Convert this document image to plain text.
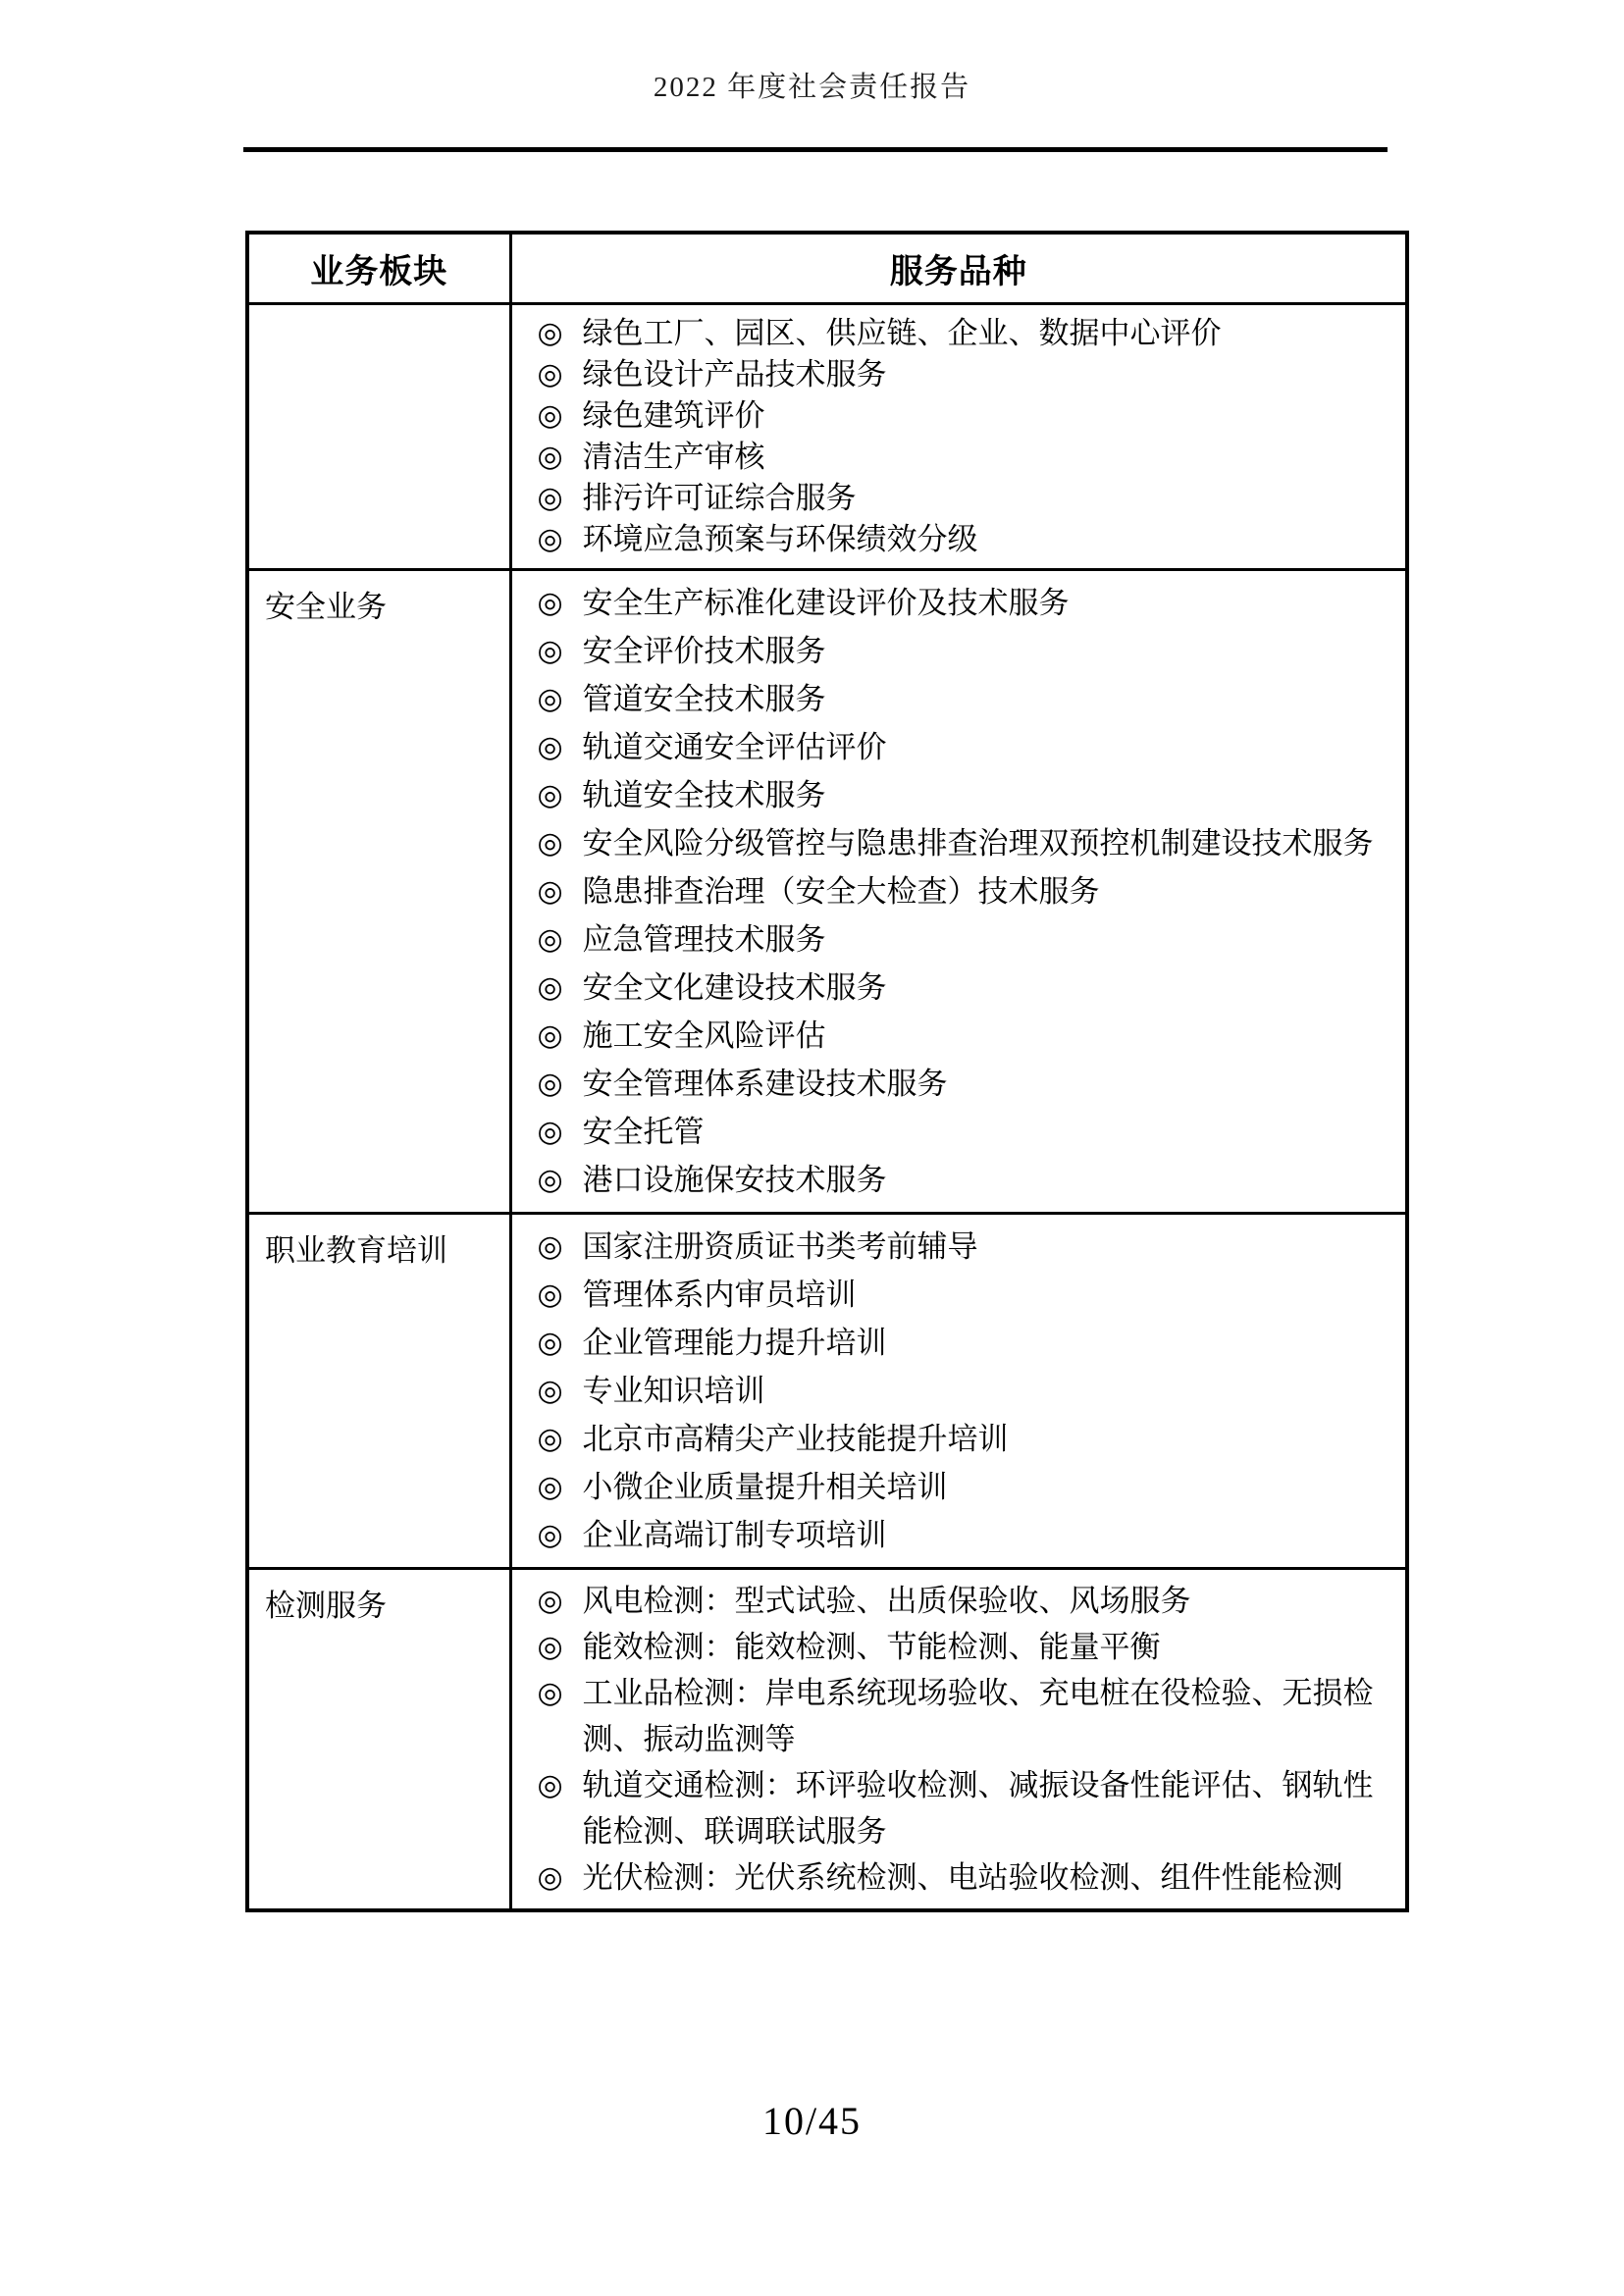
2022 年度社会责任报告
业务板块	服务品种

◎ 绿色工厂、园区、供应链、企业、数据中心评价
◎ 绿色设计产品技术服务
◎ 绿色建筑评价
◎ 清洁生产审核
◎ 排污许可证综合服务
◎ 环境应急预案与环保绩效分级

安全业务	◎ 安全生产标准化建设评价及技术服务
◎ 安全评价技术服务
◎ 管道安全技术服务
◎ 轨道交通安全评估评价
◎ 轨道安全技术服务
◎ 安全风险分级管控与隐患排查治理双预控机制建设技术服务
◎ 隐患排查治理（安全大检查）技术服务
◎ 应急管理技术服务
◎ 安全文化建设技术服务
◎ 施工安全风险评估
◎ 安全管理体系建设技术服务
◎ 安全托管
◎ 港口设施保安技术服务

职业教育培训	◎ 国家注册资质证书类考前辅导
◎ 管理体系内审员培训
◎ 企业管理能力提升培训
◎ 专业知识培训
◎ 北京市高精尖产业技能提升培训
◎ 小微企业质量提升相关培训
◎ 企业高端订制专项培训

检测服务	◎ 风电检测：型式试验、出质保验收、风场服务
◎ 能效检测：能效检测、节能检测、能量平衡
◎ 工业品检测：岸电系统现场验收、充电桩在役检验、无损检测、振动监测等
◎ 轨道交通检测：环评验收检测、减振设备性能评估、钢轨性能检测、联调联试服务
◎ 光伏检测：光伏系统检测、电站验收检测、组件性能检测
10/45
